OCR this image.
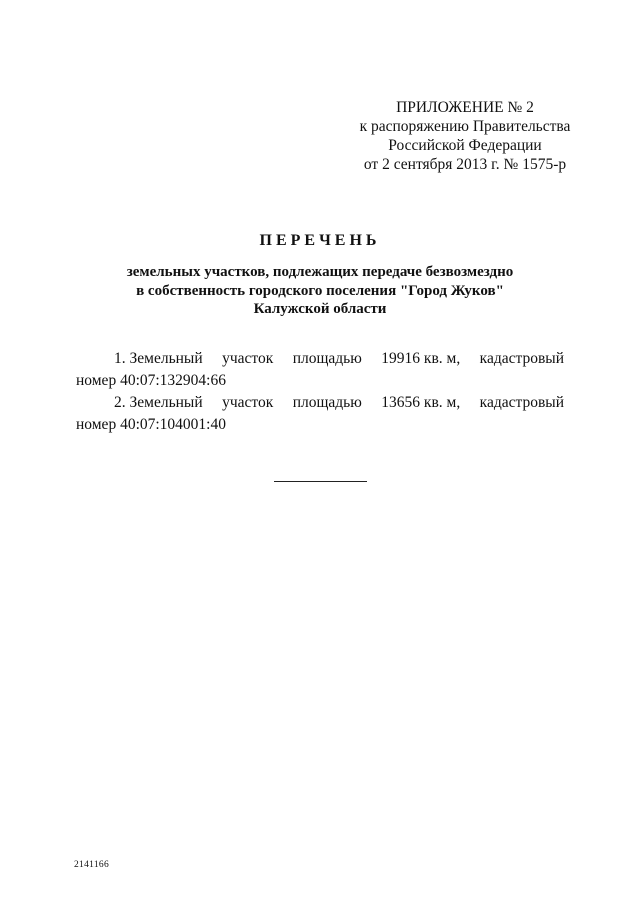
ПРИЛОЖЕНИЕ № 2
к распоряжению Правительства
Российской Федерации
от 2 сентября 2013 г. № 1575-р
ПЕРЕЧЕНЬ
земельных участков, подлежащих передаче безвозмездно
в собственность городского поселения "Город Жуков"
Калужской области
1. Земельный участок площадью 19916 кв. м, кадастровый
номер 40:07:132904:66
2. Земельный участок площадью 13656 кв. м, кадастровый
номер 40:07:104001:40
2141166
